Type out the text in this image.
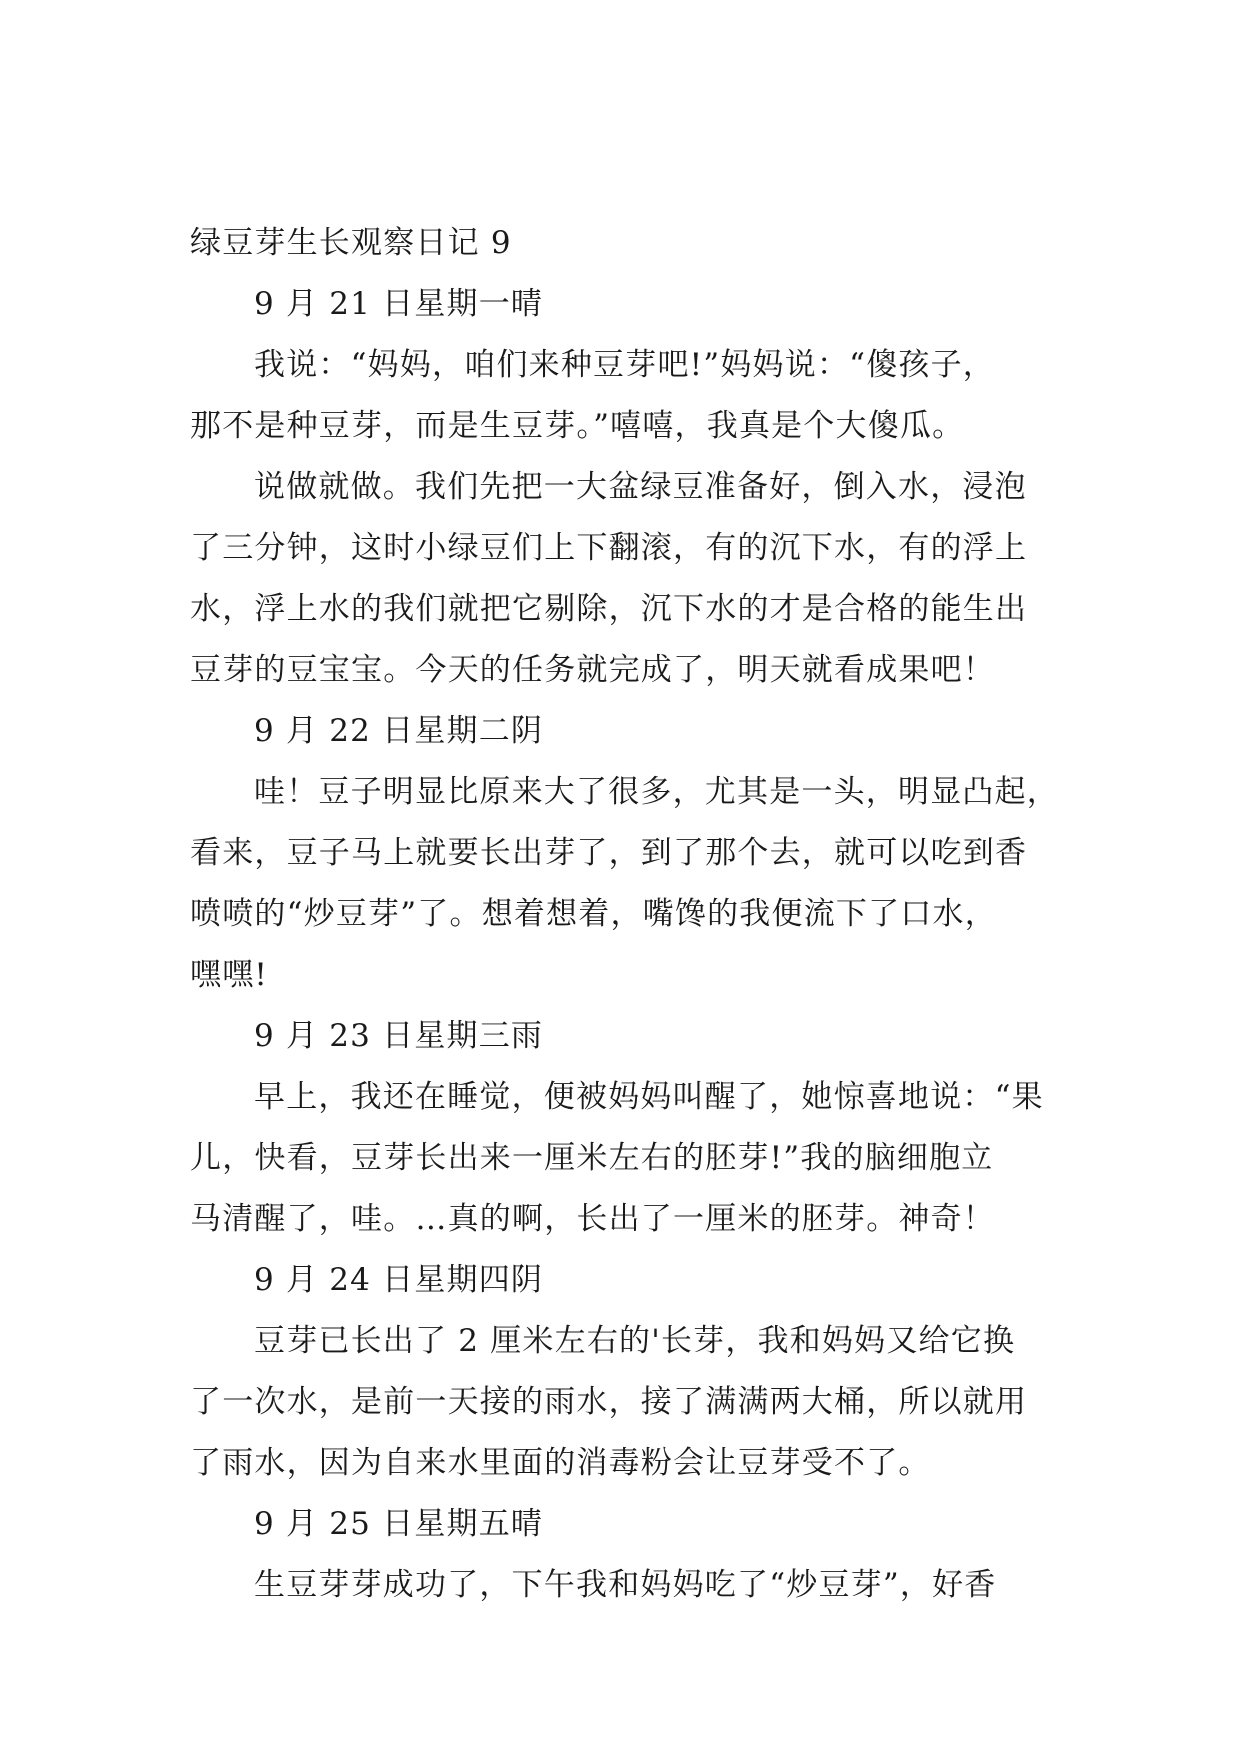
绿豆芽生长观察日记 9
9 月 21 日星期一晴
我说：“妈妈，咱们来种豆芽吧!”妈妈说：“傻孩子，
那不是种豆芽，而是生豆芽。”嘻嘻，我真是个大傻瓜。
说做就做。我们先把一大盆绿豆准备好，倒入水，浸泡
了三分钟，这时小绿豆们上下翻滚，有的沉下水，有的浮上
水，浮上水的我们就把它剔除，沉下水的才是合格的能生出
豆芽的豆宝宝。今天的任务就完成了，明天就看成果吧！
9 月 22 日星期二阴
哇！豆子明显比原来大了很多，尤其是一头，明显凸起，
看来，豆子马上就要长出芽了，到了那个去，就可以吃到香
喷喷的“炒豆芽”了。想着想着，嘴馋的我便流下了口水，
嘿嘿!
9 月 23 日星期三雨
早上，我还在睡觉，便被妈妈叫醒了，她惊喜地说：“果
儿，快看，豆芽长出来一厘米左右的胚芽!”我的脑细胞立
马清醒了，哇。…真的啊，长出了一厘米的胚芽。神奇！
9 月 24 日星期四阴
豆芽已长出了 2 厘米左右的'长芽，我和妈妈又给它换
了一次水，是前一天接的雨水，接了满满两大桶，所以就用
了雨水，因为自来水里面的消毒粉会让豆芽受不了。
9 月 25 日星期五晴
生豆芽芽成功了，下午我和妈妈吃了“炒豆芽”，好香
